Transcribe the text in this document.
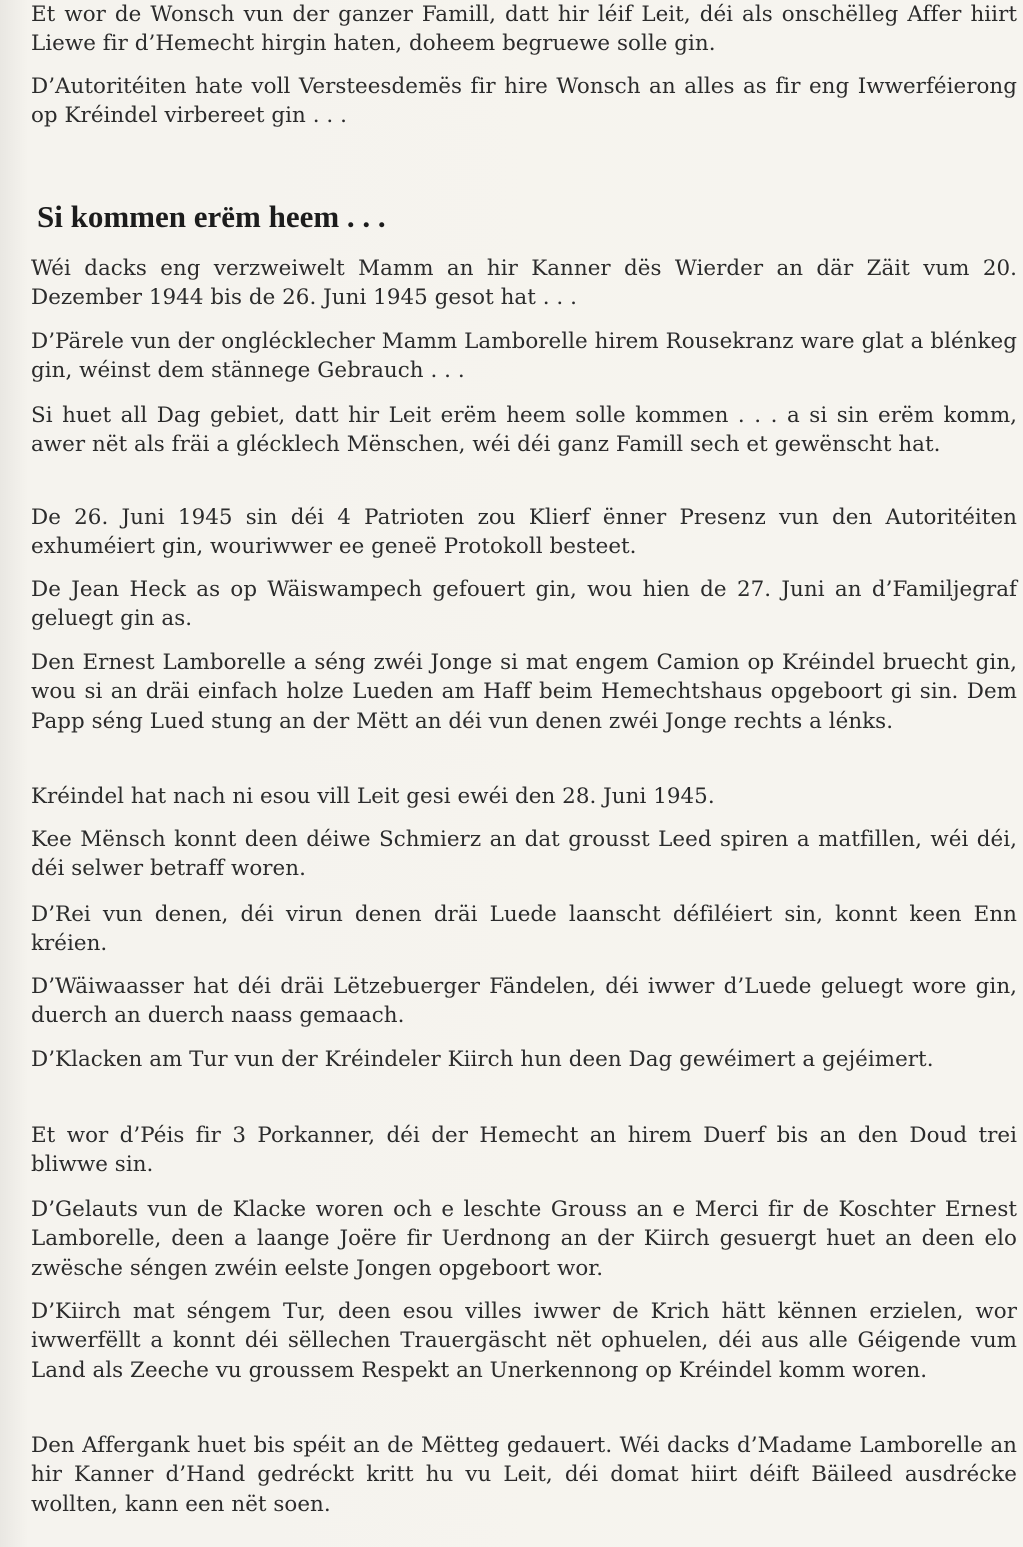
Et wor de Wonsch vun der ganzer Famill, datt hir léif Leit, déi als onschëlleg Affer hiirt Liewe fir d’Hemecht hirgin haten, doheem begruewe solle gin.

D’Autoritéiten hate voll Versteesdemës fir hire Wonsch an alles as fir eng Iwwerféierong op Kréindel virbereet gin . . .

Si kommen erëm heem . . .

Wéi dacks eng verzweiwelt Mamm an hir Kanner dës Wierder an där Zäit vum 20. Dezember 1944 bis de 26. Juni 1945 gesot hat . . .

D’Pärele vun der onglécklecher Mamm Lamborelle hirem Rousekranz ware glat a blénkeg gin, wéinst dem stännege Gebrauch . . .

Si huet all Dag gebiet, datt hir Leit erëm heem solle kommen . . . a si sin erëm komm, awer nët als fräi a glécklech Mënschen, wéi déi ganz Famill sech et gewënscht hat.

De 26. Juni 1945 sin déi 4 Patrioten zou Klierf ënner Presenz vun den Autoritéiten exhuméiert gin, wouriwwer ee geneë Protokoll besteet.

De Jean Heck as op Wäiswampech gefouert gin, wou hien de 27. Juni an d’Familjegraf geluegt gin as.

Den Ernest Lamborelle a séng zwéi Jonge si mat engem Camion op Kréindel bruecht gin, wou si an dräi einfach holze Lueden am Haff beim Hemechtshaus opgeboort gi sin. Dem Papp séng Lued stung an der Mëtt an déi vun denen zwéi Jonge rechts a lénks.

Kréindel hat nach ni esou vill Leit gesi ewéi den 28. Juni 1945.

Kee Mënsch konnt deen déiwe Schmierz an dat grousst Leed spiren a matfillen, wéi déi, déi selwer betraff woren.

D’Rei vun denen, déi virun denen dräi Luede laanscht défiléiert sin, konnt keen Enn kréien.

D’Wäiwaasser hat déi dräi Lëtzebuerger Fändelen, déi iwwer d’Luede geluegt wore gin, duerch an duerch naass gemaach.

D’Klacken am Tur vun der Kréindeler Kiirch hun deen Dag gewéimert a gejéimert.

Et wor d’Péis fir 3 Porkanner, déi der Hemecht an hirem Duerf bis an den Doud trei bliwwe sin.

D’Gelauts vun de Klacke woren och e leschte Grouss an e Merci fir de Koschter Ernest Lamborelle, deen a laange Joëre fir Uerdnong an der Kiirch gesuergt huet an deen elo zwësche séngen zwéin eelste Jongen opgeboort wor.

D’Kiirch mat séngem Tur, deen esou villes iwwer de Krich hätt kënnen erzielen, wor iwwerfëllt a konnt déi sëllechen Trauergäscht nët ophuelen, déi aus alle Géigende vum Land als Zeeche vu groussem Respekt an Unerkennong op Kréindel komm woren.

Den Affergank huet bis spéit an de Mëtteg gedauert. Wéi dacks d’Madame Lamborelle an hir Kanner d’Hand gedréckt kritt hu vu Leit, déi domat hiirt déift Bäileed ausdrécke wollten, kann een nët soen.
